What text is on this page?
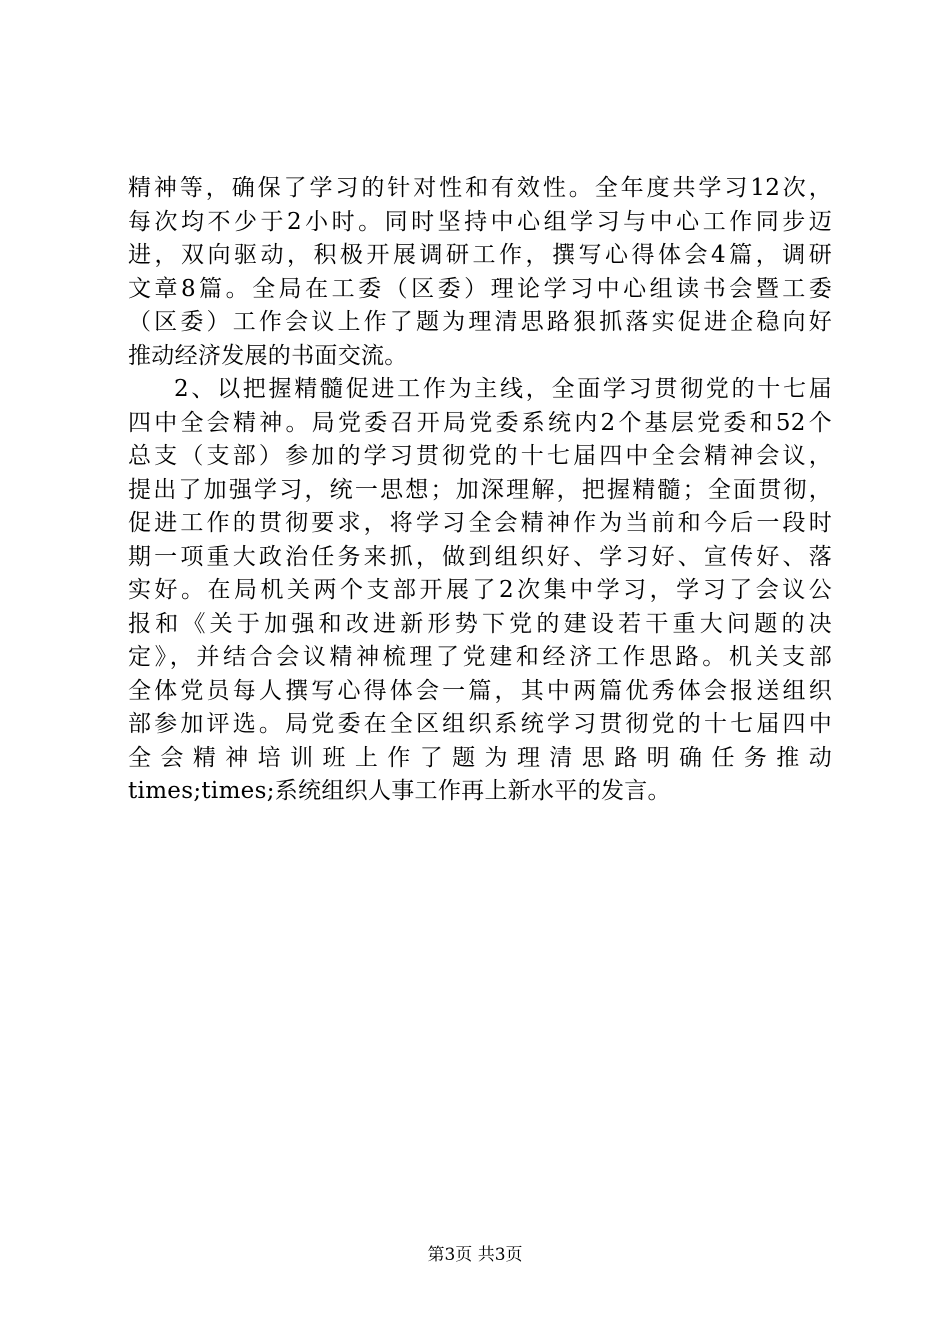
精神等，确保了学习的针对性和有效性。全年度共学习12次，
每次均不少于2小时。同时坚持中心组学习与中心工作同步迈
进，双向驱动，积极开展调研工作，撰写心得体会4篇，调研
文章8篇。全局在工委（区委）理论学习中心组读书会暨工委
（区委）工作会议上作了题为理清思路狠抓落实促进企稳向好
推动经济发展的书面交流。
2、以把握精髓促进工作为主线，全面学习贯彻党的十七届
四中全会精神。局党委召开局党委系统内2个基层党委和52个
总支（支部）参加的学习贯彻党的十七届四中全会精神会议，
提出了加强学习，统一思想；加深理解，把握精髓；全面贯彻，
促进工作的贯彻要求，将学习全会精神作为当前和今后一段时
期一项重大政治任务来抓，做到组织好、学习好、宣传好、落
实好。在局机关两个支部开展了2次集中学习，学习了会议公
报和《关于加强和改进新形势下党的建设若干重大问题的决
定》，并结合会议精神梳理了党建和经济工作思路。机关支部
全体党员每人撰写心得体会一篇，其中两篇优秀体会报送组织
部参加评选。局党委在全区组织系统学习贯彻党的十七届四中
全会精神培训班上作了题为理清思路明确任务推动
times;times;系统组织人事工作再上新水平的发言。
第3页 共3页
